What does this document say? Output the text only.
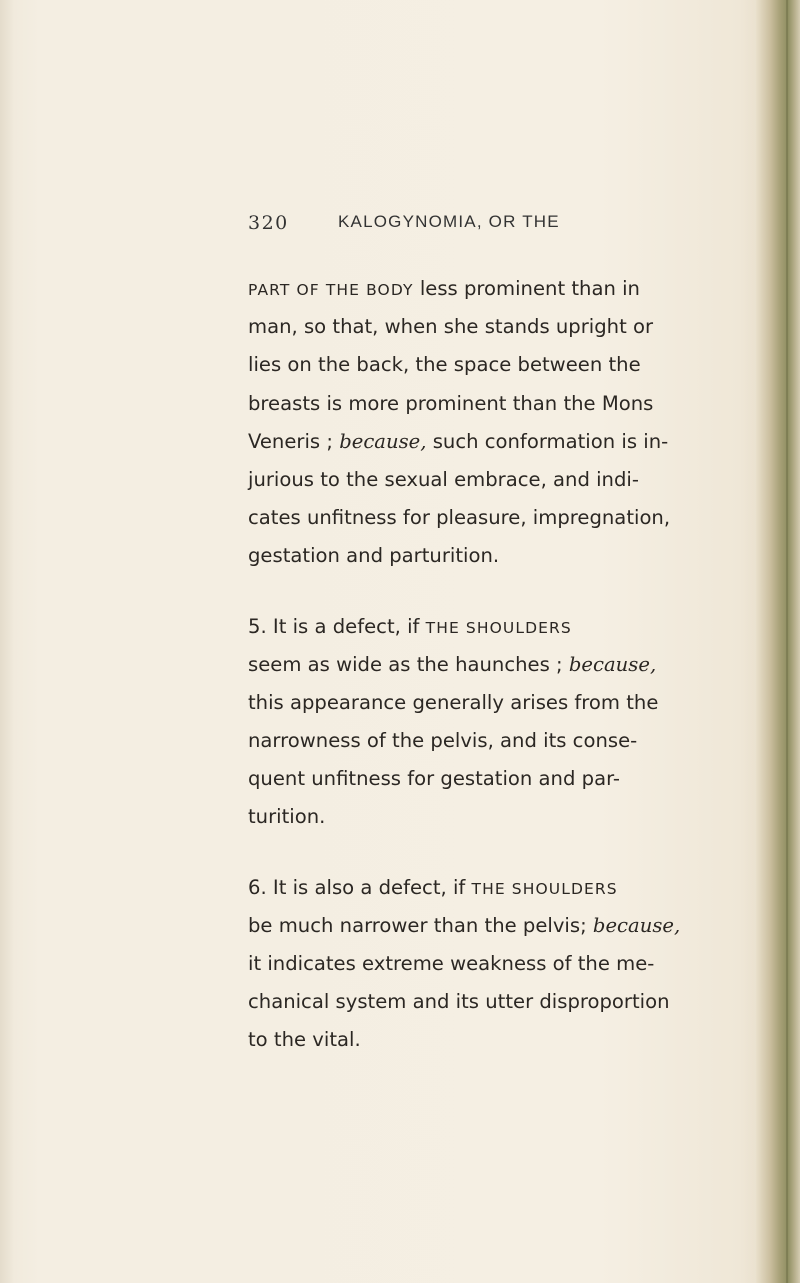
320	KALOGYNOMIA, OR THE
PART OF THE BODY less prominent than in
man, so that, when she stands upright or
lies on the back, the space between the
breasts is more prominent than the Mons
Veneris ; because, such conformation is in-
jurious to the sexual embrace, and indi-
cates unfitness for pleasure, impregnation,
gestation and parturition.
5. It is a defect, if THE SHOULDERS
seem as wide as the haunches ; because,
this appearance generally arises from the
narrowness of the pelvis, and its conse-
quent unfitness for gestation and par-
turition.
6. It is also a defect, if THE SHOULDERS
be much narrower than the pelvis; because,
it indicates extreme weakness of the me-
chanical system and its utter disproportion
to the vital.
